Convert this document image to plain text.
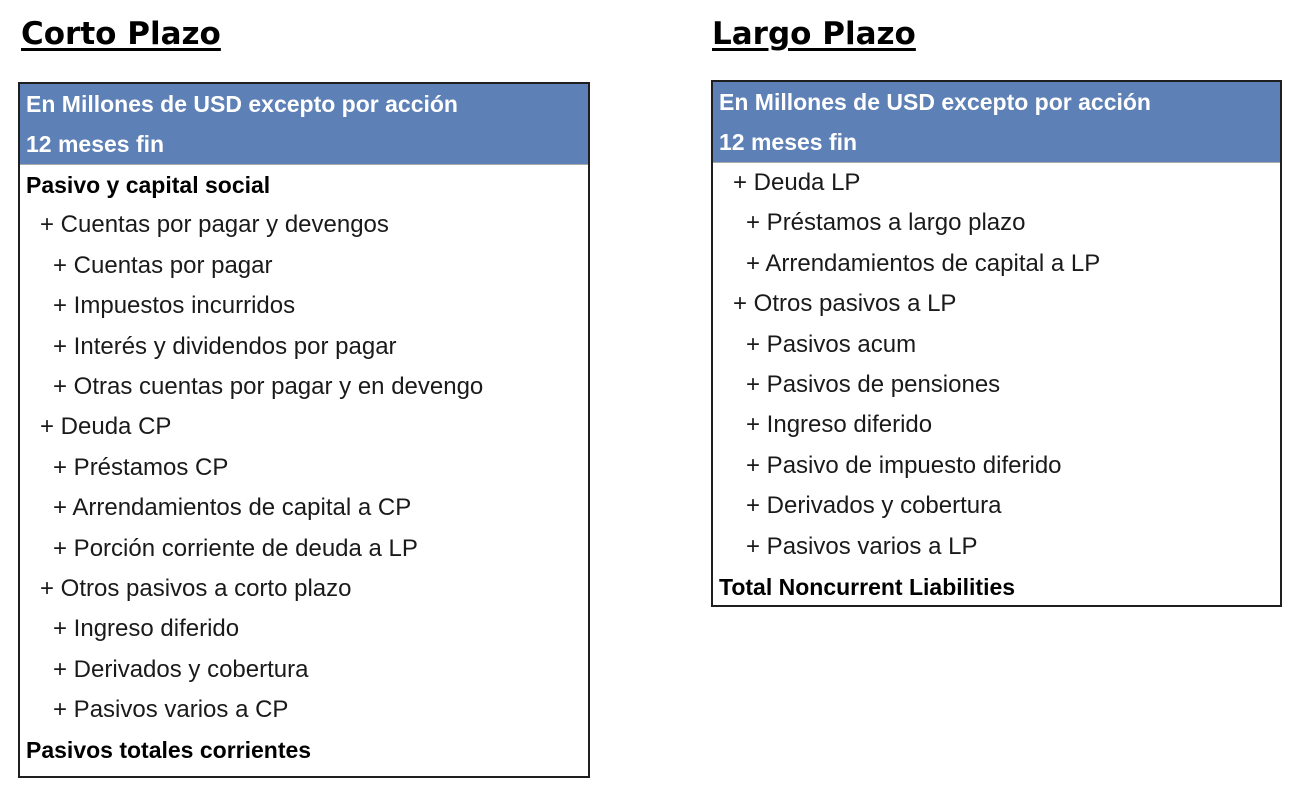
Corto Plazo	Largo Plazo
En Millones de USD excepto por acción
12 meses fin
Pasivo y capital social
+ Cuentas por pagar y devengos
+ Cuentas por pagar
+ Impuestos incurridos
+ Interés y dividendos por pagar
+ Otras cuentas por pagar y en devengo
+ Deuda CP
+ Préstamos CP
+ Arrendamientos de capital a CP
+ Porción corriente de deuda a LP
+ Otros pasivos a corto plazo
+ Ingreso diferido
+ Derivados y cobertura
+ Pasivos varios a CP
Pasivos totales corrientes
En Millones de USD excepto por acción
12 meses fin
+ Deuda LP
+ Préstamos a largo plazo
+ Arrendamientos de capital a LP
+ Otros pasivos a LP
+ Pasivos acum
+ Pasivos de pensiones
+ Ingreso diferido
+ Pasivo de impuesto diferido
+ Derivados y cobertura
+ Pasivos varios a LP
Total Noncurrent Liabilities
